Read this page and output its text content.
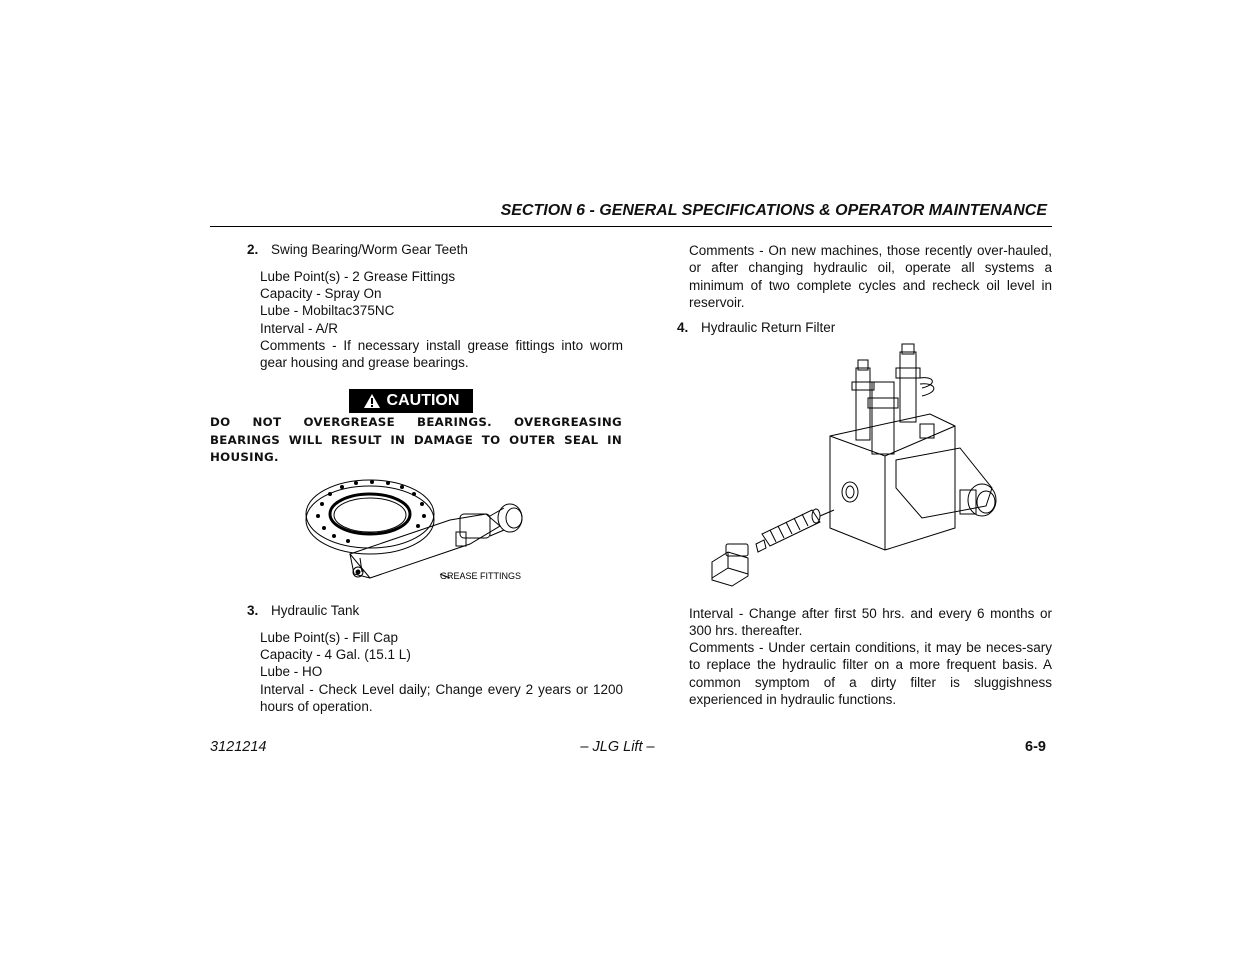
SECTION 6 - GENERAL SPECIFICATIONS & OPERATOR MAINTENANCE
2. Swing Bearing/Worm Gear Teeth

Lube Point(s) - 2 Grease Fittings

Capacity - Spray On

Lube - Mobiltac375NC

Interval - A/R

Comments - If necessary install grease fittings into worm gear housing and grease bearings.

CAUTION

DO NOT OVERGREASE BEARINGS. OVERGREASING BEARINGS WILL RESULT IN DAMAGE TO OUTER SEAL IN HOUSING.

GREASE FITTINGS
3. Hydraulic Tank

Lube Point(s) - Fill Cap

Capacity - 4 Gal. (15.1 L)

Lube - HO

Interval - Check Level daily; Change every 2 years or 1200 hours of operation.

Comments - On new machines, those recently over-hauled, or after changing hydraulic oil, operate all systems a minimum of two complete cycles and recheck oil level in reservoir.

4. Hydraulic Return Filter

Interval - Change after first 50 hrs. and every 6 months or 300 hrs. thereafter.

Comments - Under certain conditions, it may be neces-sary to replace the hydraulic filter on a more frequent basis. A common symptom of a dirty filter is sluggishness experienced in hydraulic functions.

3121214	– JLG Lift –	6-9
